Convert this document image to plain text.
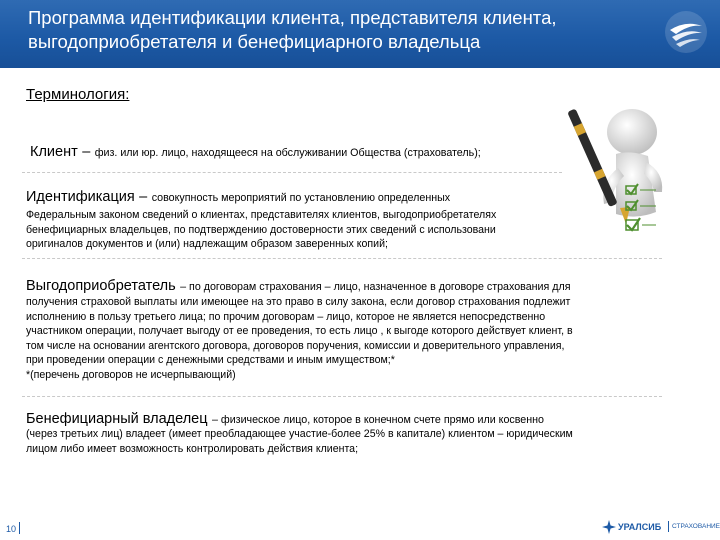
Программа идентификации клиента, представителя клиента,
выгодоприобретателя и бенефициарного владельца
Терминология:
Клиент – физ. или юр. лицо, находящееся на обслуживании Общества (страхователь);
Идентификация – совокупность мероприятий по установлению определенных
Федеральным законом сведений о клиентах, представителях клиентов, выгодоприобретателях
бенефициарных владельцев, по подтверждению достоверности этих сведений с использовани
оригиналов документов и (или) надлежащим образом заверенных копий;
Выгодоприобретатель – по договорам страхования – лицо, назначенное в договоре страхования для
получения страховой выплаты или имеющее на это право в силу закона, если договор страхования подлежит
исполнению в пользу третьего лица; по прочим договорам – лицо, которое не является непосредственно
участником операции, получает выгоду от ее проведения, то есть лицо , к выгоде которого действует клиент, в
том числе на основании агентского договора, договоров поручения, комиссии и доверительного управления,
при проведении операции с денежными средствами и иным имуществом;*
*(перечень договоров не исчерпывающий)
Бенефициарный владелец – физическое лицо, которое в конечном счете прямо или косвенно
(через третьих лиц) владеет (имеет преобладающее участие-более 25% в капитале) клиентом – юридическим
лицом либо имеет возможность контролировать действия клиента;
10	УРАЛСИБ СТРАХОВАНИЕ
